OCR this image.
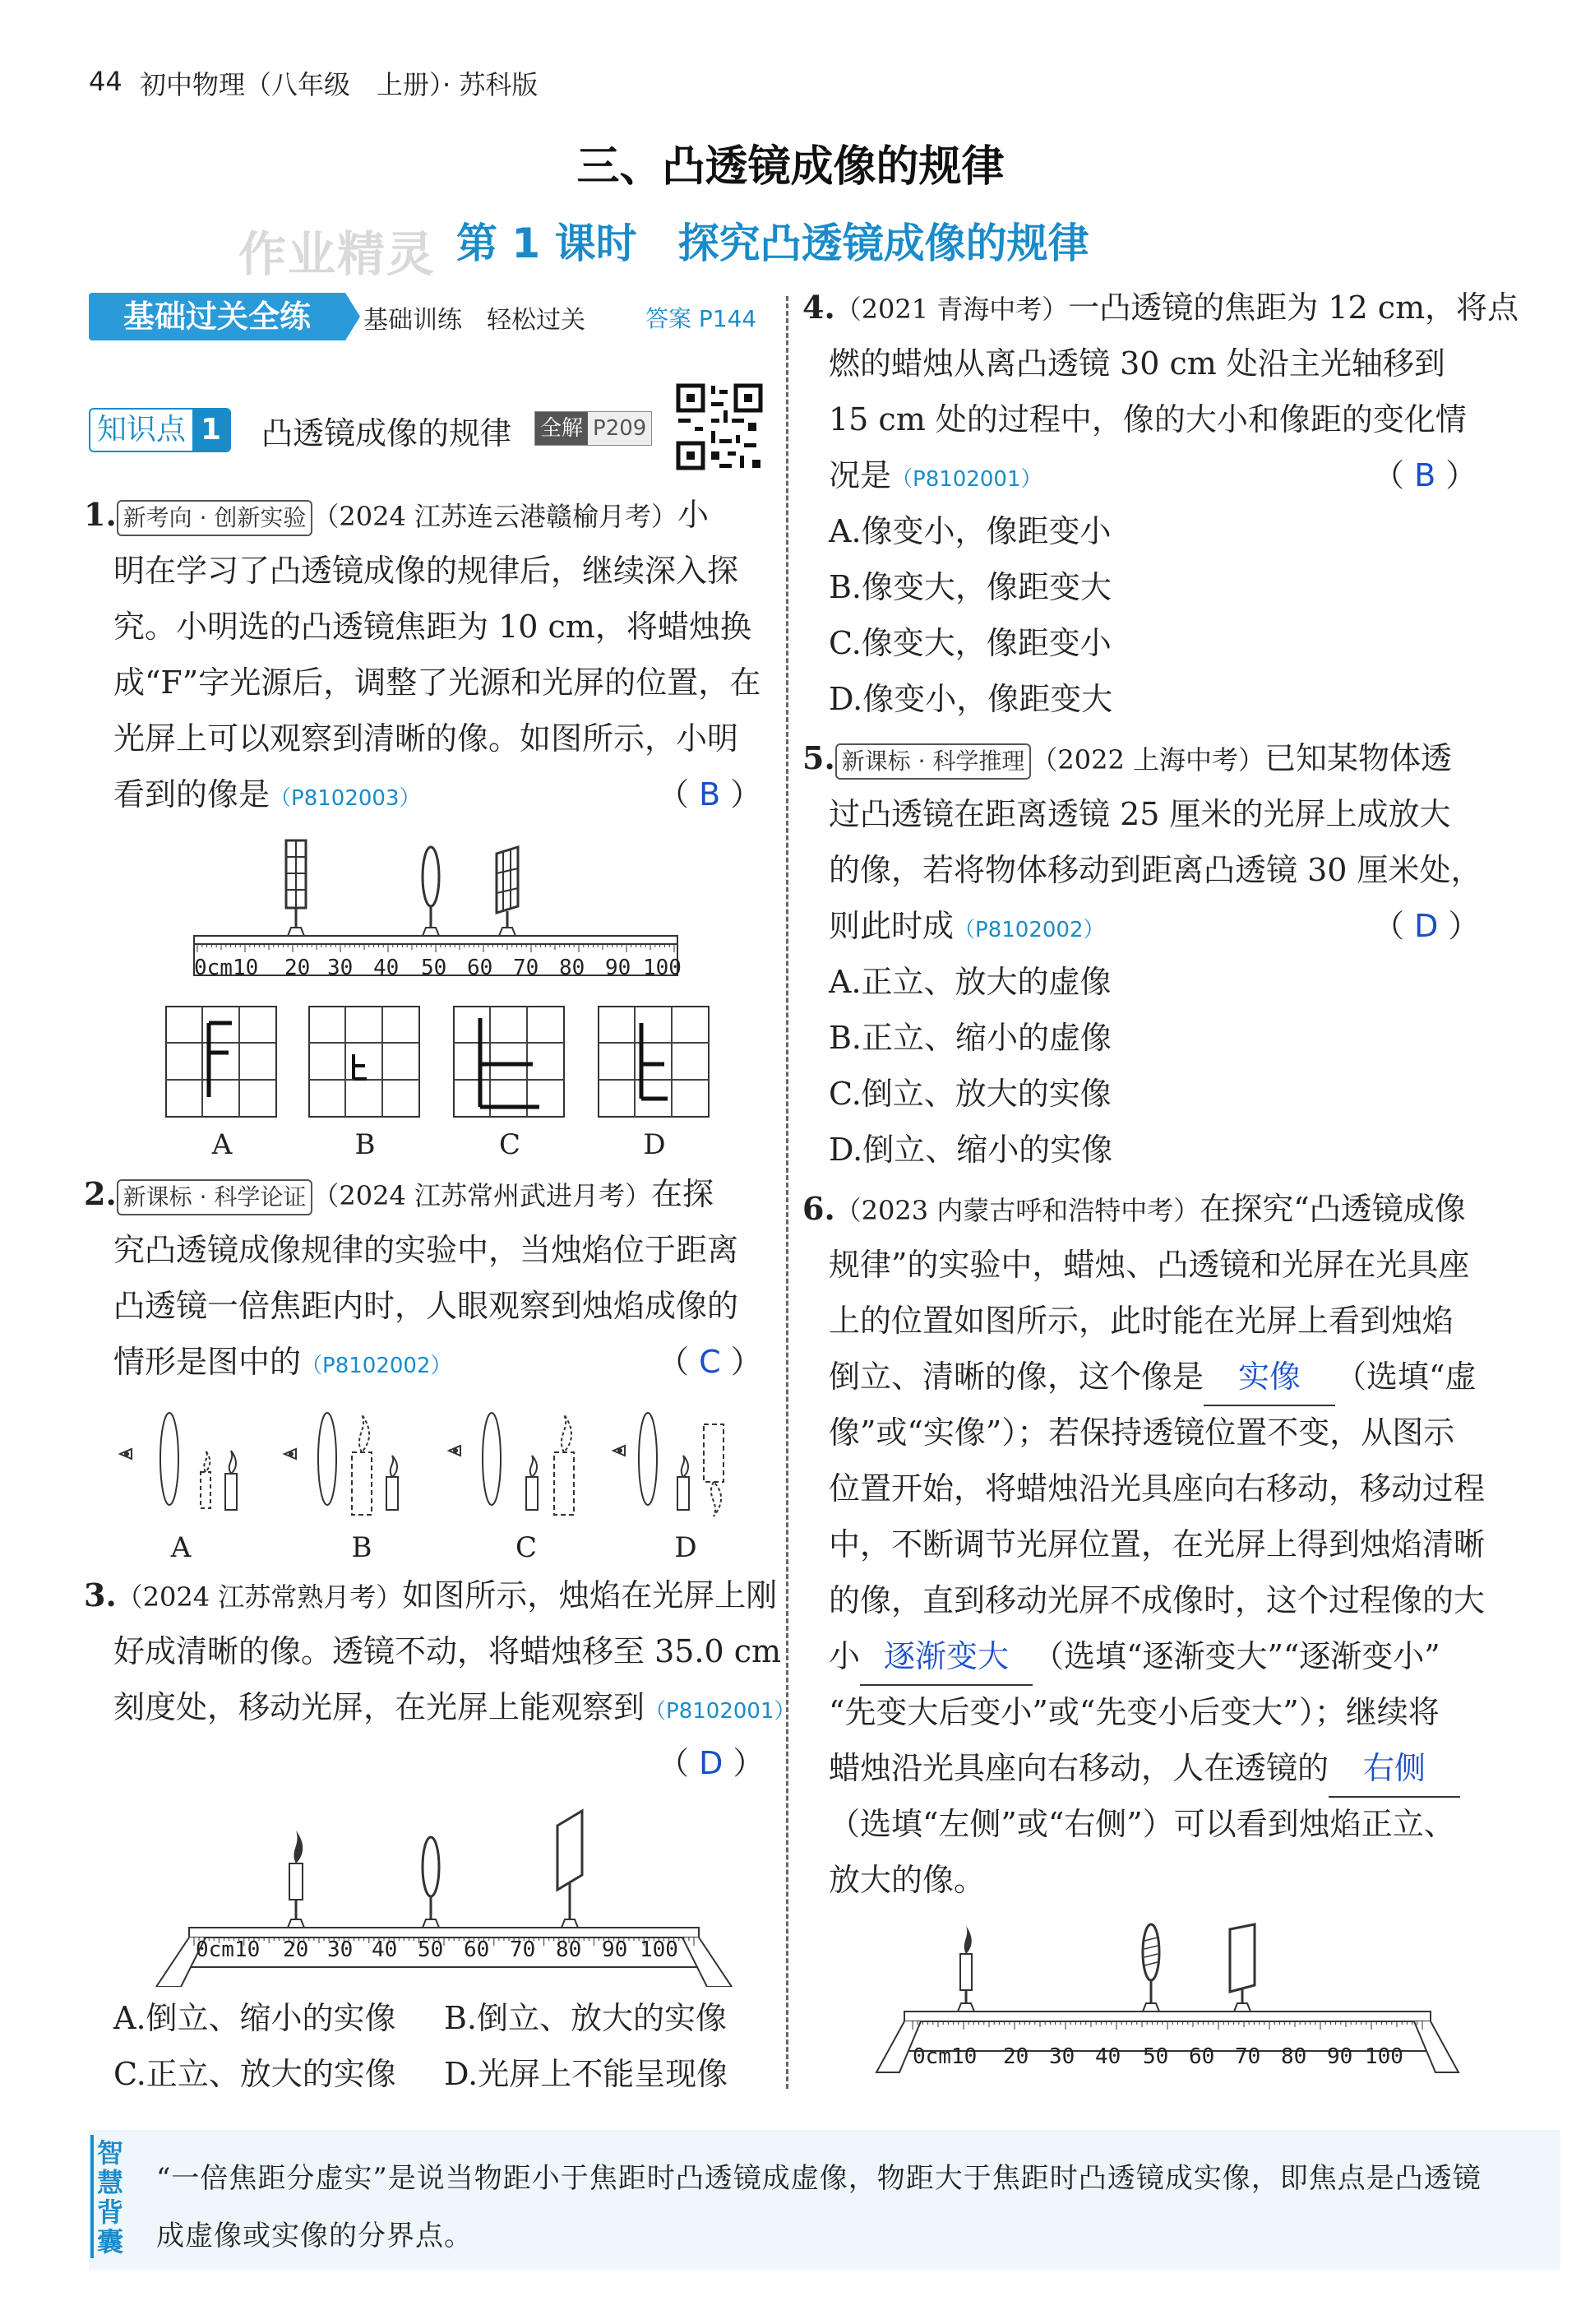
44 初中物理（八年级　上册）· 苏科版
三、凸透镜成像的规律
作业精灵 第 1 课时　探究凸透镜成像的规律
基础过关全练	基础训练　轻松过关	答案 P144
知识点 1 凸透镜成像的规律 全解 P209
1. 新考向 · 创新实验 （2024 江苏连云港赣榆月考）小
明在学习了凸透镜成像的规律后，继续深入探
究。小明选的凸透镜焦距为 10 cm，将蜡烛换
成“F”字光源后，调整了光源和光屏的位置，在
光屏上可以观察到清晰的像。如图所示，小明
看到的像是（P8102003）	（ B ）
0cm10 20 30 40 50 60 70 80 90 100
A	B	C	D
2. 新课标 · 科学论证 （2024 江苏常州武进月考）在探
究凸透镜成像规律的实验中，当烛焰位于距离
凸透镜一倍焦距内时，人眼观察到烛焰成像的
情形是图中的（P8102002）	（ C ）
A	B	C	D
3.（2024 江苏常熟月考）如图所示，烛焰在光屏上刚
好成清晰的像。透镜不动，将蜡烛移至 35.0 cm
刻度处，移动光屏，在光屏上能观察到（P8102001）
（ D ）
0cm10 20 30 40 50 60 70 80 90 100
A.倒立、缩小的实像 B.倒立、放大的实像
C.正立、放大的实像 D.光屏上不能呈现像
4.（2021 青海中考）一凸透镜的焦距为 12 cm，将点
燃的蜡烛从离凸透镜 30 cm 处沿主光轴移到
15 cm 处的过程中，像的大小和像距的变化情
况是（P8102001）	（ B ）
A.像变小，像距变小
B.像变大，像距变大
C.像变大，像距变小
D.像变小，像距变大
5. 新课标 · 科学推理 （2022 上海中考）已知某物体透
过凸透镜在距离透镜 25 厘米的光屏上成放大
的像，若将物体移动到距离凸透镜 30 厘米处，
则此时成（P8102002）	（ D ）
A.正立、放大的虚像
B.正立、缩小的虚像
C.倒立、放大的实像
D.倒立、缩小的实像
6.（2023 内蒙古呼和浩特中考）在探究“凸透镜成像
规律”的实验中，蜡烛、凸透镜和光屏在光具座
上的位置如图所示，此时能在光屏上看到烛焰
倒立、清晰的像，这个像是 实像 （选填“虚
像”或“实像”）；若保持透镜位置不变，从图示
位置开始，将蜡烛沿光具座向右移动，移动过程
中，不断调节光屏位置，在光屏上得到烛焰清晰
的像，直到移动光屏不成像时，这个过程像的大
小 逐渐变大 （选填“逐渐变大”“逐渐变小”
“先变大后变小”或“先变小后变大”）；继续将
蜡烛沿光具座向右移动，人在透镜的 右侧
（选填“左侧”或“右侧”）可以看到烛焰正立、
放大的像。
0cm10 20 30 40 50 60 70 80 90 100
智
慧
背
囊
“一倍焦距分虚实”是说当物距小于焦距时凸透镜成虚像，物距大于焦距时凸透镜成实像，即焦点是凸透镜成虚像或实像的分界点。
